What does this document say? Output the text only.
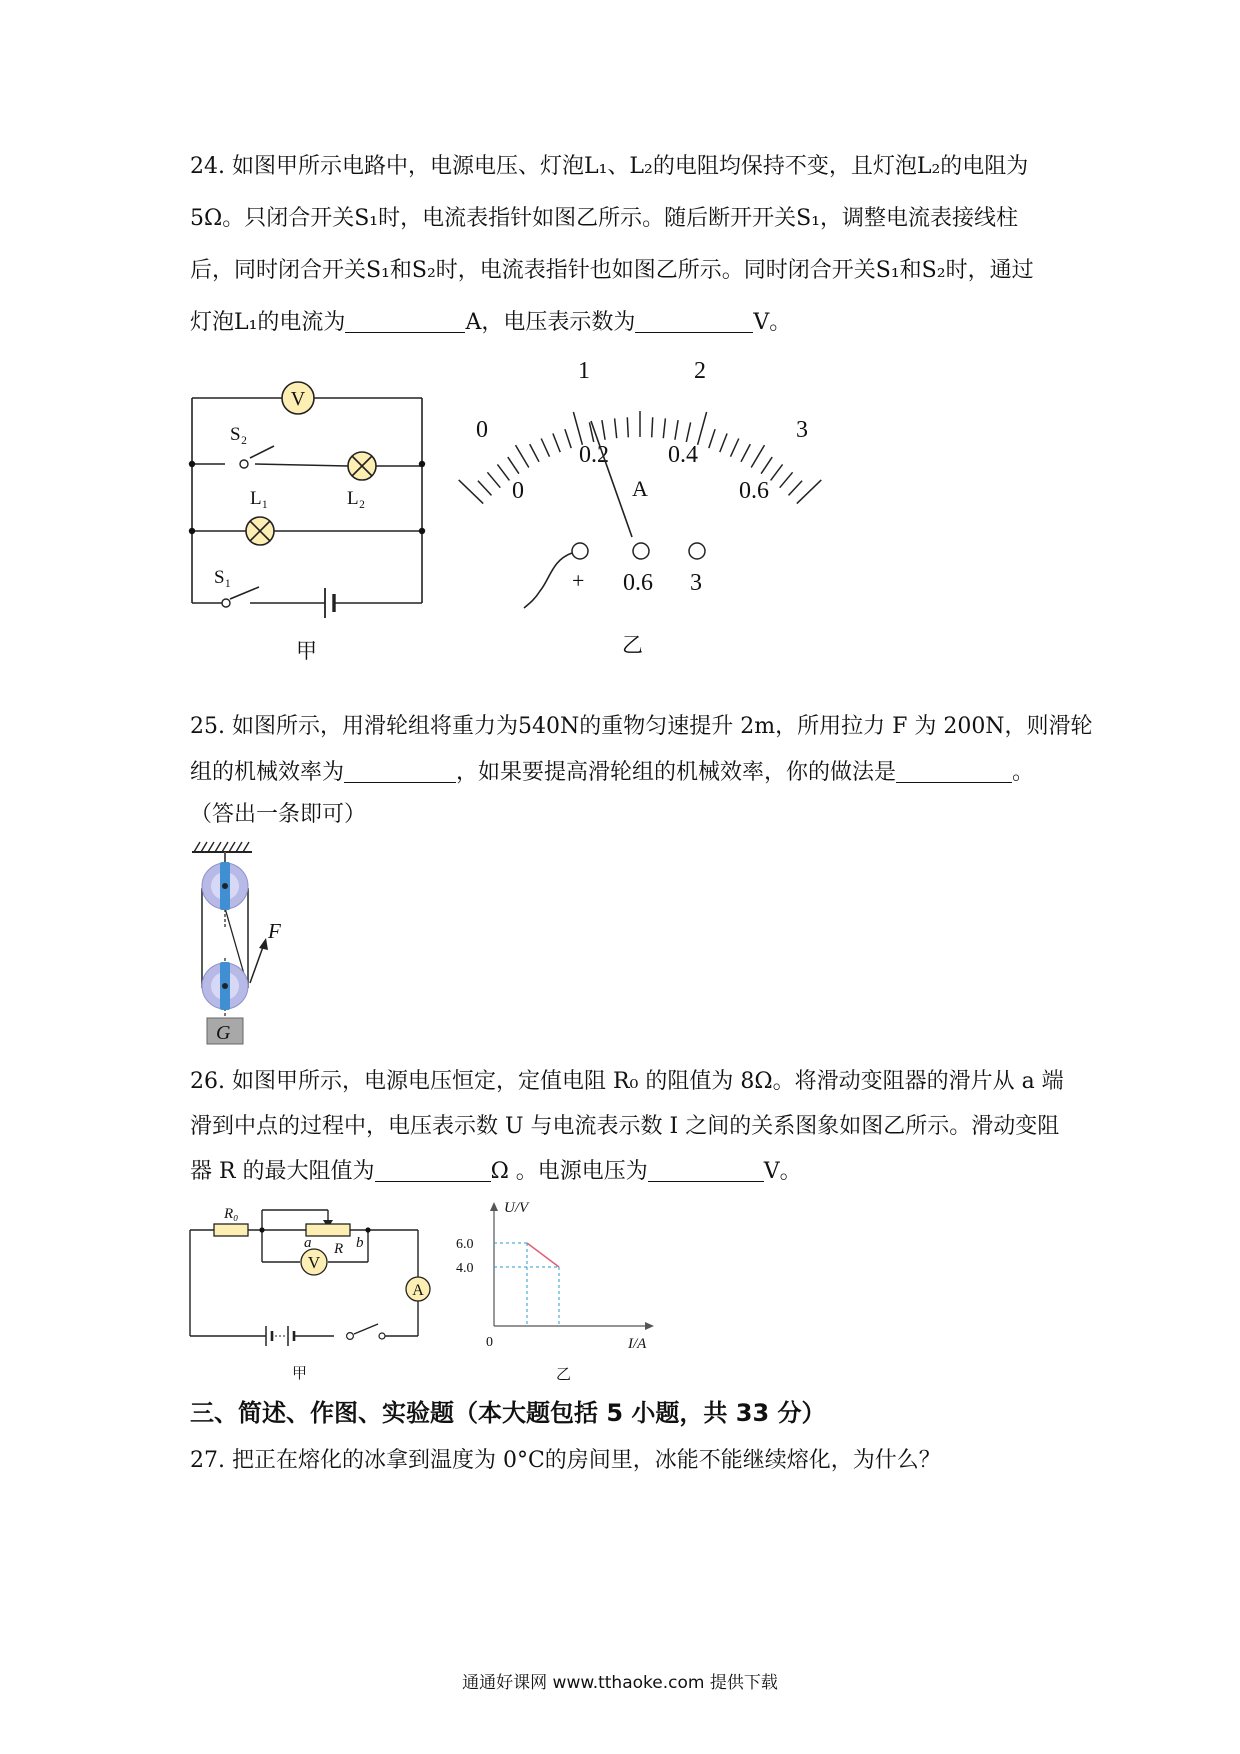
24. 如图甲所示电路中，电源电压、灯泡L₁、L₂的电阻均保持不变，且灯泡L₂的电阻为
5Ω。只闭合开关S₁时，电流表指针如图乙所示。随后断开开关S₁，调整电流表接线柱
后，同时闭合开关S₁和S₂时，电流表指针也如图乙所示。同时闭合开关S₁和S₂时，通过
灯泡L₁的电流为	A，电压表示数为	V。
V
S₂
L₁	L₂
S₁
甲
0
1	2
3
0
0.2 0.4
0.6
A
+ 0.6 3
乙
25. 如图所示，用滑轮组将重力为540N的重物匀速提升 2m，所用拉力 F 为 200N，则滑轮
组的机械效率为	，如果要提高滑轮组的机械效率，你的做法是	。
（答出一条即可）
G
F
26. 如图甲所示，电源电压恒定，定值电阻 R₀ 的阻值为 8Ω。将滑动变阻器的滑片从 a 端
滑到中点的过程中，电压表示数 U 与电流表示数 I 之间的关系图象如图乙所示。滑动变阻
器 R 的最大阻值为	Ω 。电源电压为	V。
V
A
R₀
a R b
甲
U/V
6.0
4.0
0	I/A
乙
三、简述、作图、实验题（本大题包括 5 小题，共 33 分）
27. 把正在熔化的冰拿到温度为 0°C的房间里，冰能不能继续熔化，为什么？
通通好课网 www.tthaoke.com 提供下载
